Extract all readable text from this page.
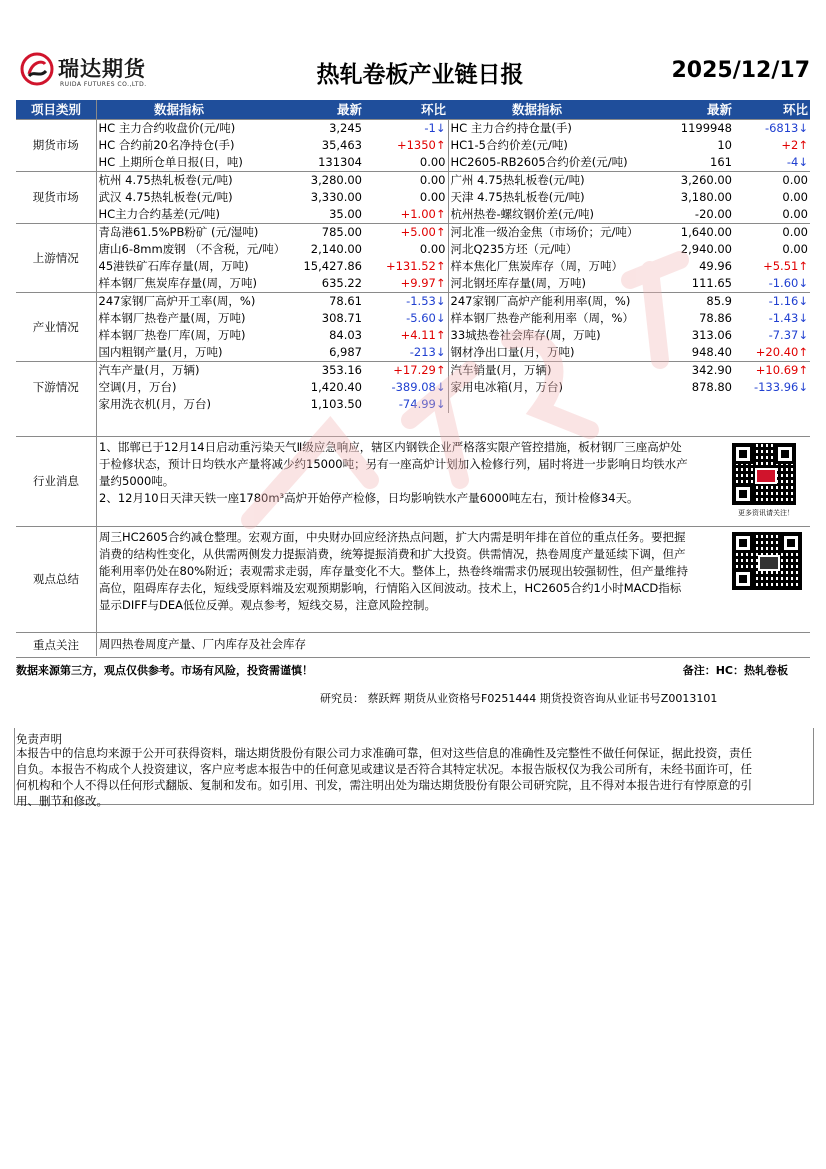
瑞达期货
RUIDA FUTURES CO.,LTD.	热轧卷板产业链日报	2025/12/17
项目类别	数据指标	最新	环比	数据指标	最新	环比
期货市场	HC 主力合约收盘价(元/吨)	3,245	-1↓	HC 主力合约持仓量(手)	1199948	-6813↓
	HC 合约前20名净持仓(手)	35,463	+1350↑	HC1-5合约价差(元/吨)	10	+2↑
	HC 上期所仓单日报(日，吨)	131304	0.00	HC2605-RB2605合约价差(元/吨)	161	-4↓
现货市场	杭州 4.75热轧板卷(元/吨)	3,280.00	0.00	广州 4.75热轧板卷(元/吨)	3,260.00	0.00
	武汉 4.75热轧板卷(元/吨)	3,330.00	0.00	天津 4.75热轧板卷(元/吨)	3,180.00	0.00
	HC主力合约基差(元/吨)	35.00	+1.00↑	杭州热卷-螺纹钢价差(元/吨)	-20.00	0.00
上游情况	青岛港61.5%PB粉矿 (元/湿吨)	785.00	+5.00↑	河北准一级冶金焦（市场价；元/吨）	1,640.00	0.00
	唐山6-8mm废钢 （不含税，元/吨）	2,140.00	0.00	河北Q235方坯（元/吨）	2,940.00	0.00
	45港铁矿石库存量(周，万吨)	15,427.86	+131.52↑	样本焦化厂焦炭库存（周，万吨）	49.96	+5.51↑
	样本钢厂焦炭库存量(周，万吨)	635.22	+9.97↑	河北钢坯库存量(周，万吨)	111.65	-1.60↓
产业情况	247家钢厂高炉开工率(周，%)	78.61	-1.53↓	247家钢厂高炉产能利用率(周，%)	85.9	-1.16↓
	样本钢厂热卷产量(周，万吨)	308.71	-5.60↓	样本钢厂热卷产能利用率（周，%）	78.86	-1.43↓
	样本钢厂热卷厂库(周，万吨)	84.03	+4.11↑	33城热卷社会库存(周，万吨)	313.06	-7.37↓
	国内粗钢产量(月，万吨)	6,987	-213↓	钢材净出口量(月，万吨)	948.40	+20.40↑
下游情况	汽车产量(月，万辆)	353.16	+17.29↑	汽车销量(月，万辆)	342.90	+10.69↑
	空调(月，万台)	1,420.40	-389.08↓	家用电冰箱(月，万台)	878.80	-133.96↓
	家用洗衣机(月，万台)	1,103.50	-74.99↓			
行业消息
1、邯郸已于12月14日启动重污染天气Ⅱ级应急响应，辖区内钢铁企业严格落实限产管控措施，板材钢厂三座高炉处
于检修状态，预计日均铁水产量将减少约15000吨；另有一座高炉计划加入检修行列，届时将进一步影响日均铁水产
量约5000吨。
2、12月10日天津天铁一座1780m³高炉开始停产检修，日均影响铁水产量6000吨左右，预计检修34天。
更多资讯请关注！
观点总结
周三HC2605合约减仓整理。宏观方面，中央财办回应经济热点问题，扩大内需是明年排在首位的重点任务。要把握
消费的结构性变化，从供需两侧发力提振消费，统筹提振消费和扩大投资。供需情况，热卷周度产量延续下调，但产
能利用率仍处在80%附近；表观需求走弱，库存量变化不大。整体上，热卷终端需求仍展现出较强韧性，但产量维持
高位，阻碍库存去化，短线受原料端及宏观预期影响，行情陷入区间波动。技术上，HC2605合约1小时MACD指标
显示DIFF与DEA低位反弹。观点参考，短线交易，注意风险控制。
重点关注	周四热卷周度产量、厂内库存及社会库存
数据来源第三方，观点仅供参考。市场有风险，投资需谨慎！	备注：HC：热轧卷板
研究员： 蔡跃辉 期货从业资格号F0251444 期货投资咨询从业证书号Z0013101
免责声明
本报告中的信息均来源于公开可获得资料，瑞达期货股份有限公司力求准确可靠，但对这些信息的准确性及完整性不做任何保证，据此投资，责任
自负。本报告不构成个人投资建议，客户应考虑本报告中的任何意见或建议是否符合其特定状况。本报告版权仅为我公司所有，未经书面许可，任
何机构和个人不得以任何形式翻版、复制和发布。如引用、刊发，需注明出处为瑞达期货股份有限公司研究院，且不得对本报告进行有悖原意的引
用、删节和修改。
